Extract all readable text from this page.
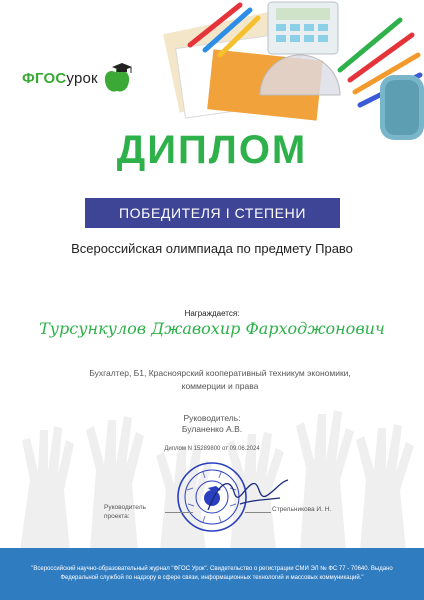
ФГОС урок
ДИПЛОМ
ПОБЕДИТЕЛЯ I СТЕПЕНИ
Всероссийская олимпиада по предмету Право
Награждается:
Турсункулов Джавохир Фарходжонович
Бухгалтер, Б1, Красноярский кооперативный техникум экономики, коммерции и права
Руководитель:
Буланенко А.В.
Диплом N 15289800 от 09.06.2024
Руководитель проекта:
Стрельникова И. Н.
"Всероссийский научно-образовательный журнал "ФГОС Урок". Свидетельство о регистрации СМИ ЭЛ № ФС 77 - 70640. Выдано Федеральной службой по надзору в сфере связи, информационных технологий и массовых коммуникаций."
